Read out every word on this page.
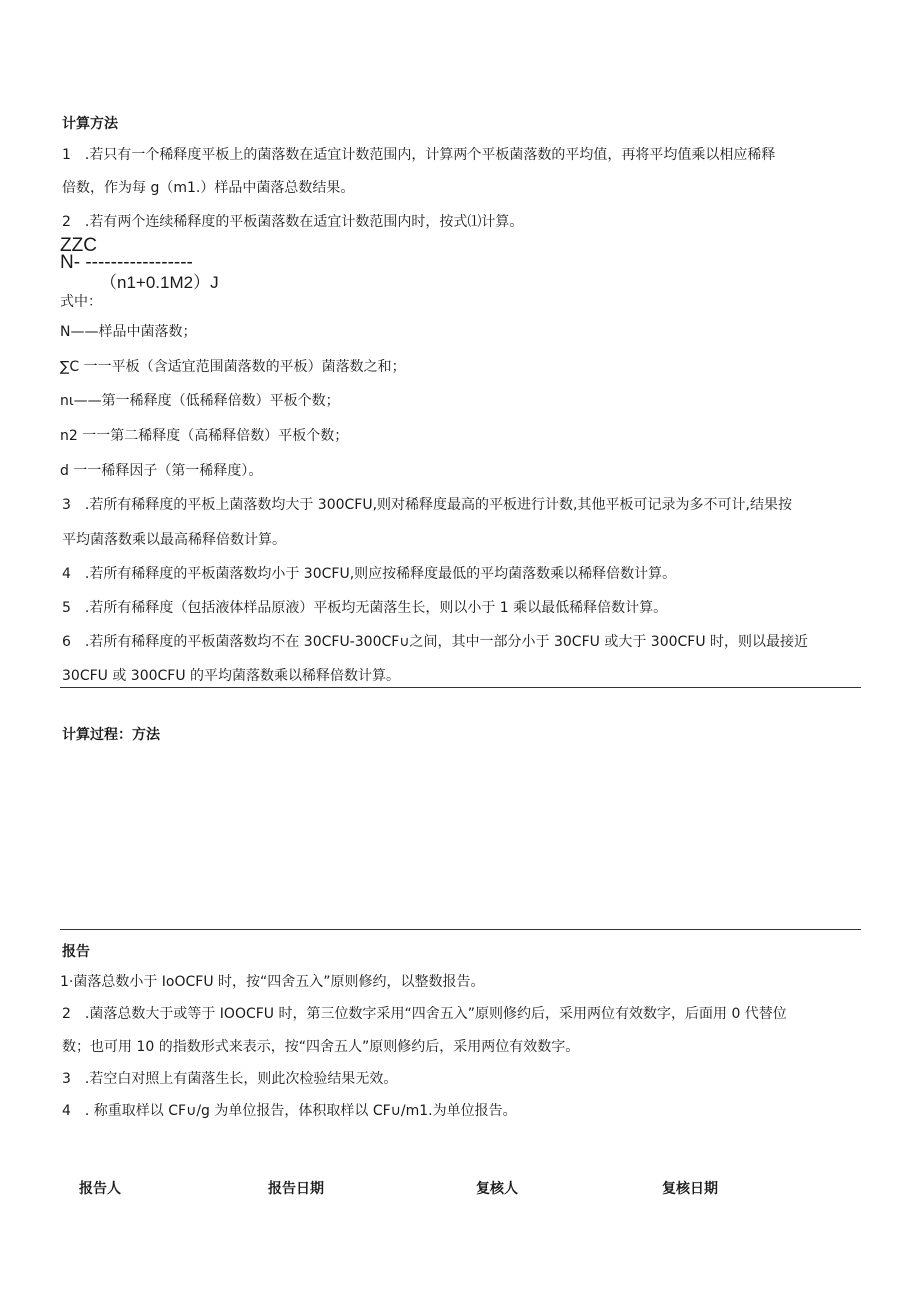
计算方法
1　.若只有一个稀释度平板上的菌落数在适宜计数范围内，计算两个平板菌落数的平均值，再将平均值乘以相应稀释
倍数，作为每 g（m1.）样品中菌落总数结果。
2　.若有两个连续稀释度的平板菌落数在适宜计数范围内时，按式⑴计算。
ZZC
N- -----------------
（n1+0.1M2）J
式中：
N——样品中菌落数；
∑C 一一平板（含适宜范围菌落数的平板）菌落数之和；
nι——第一稀释度（低稀释倍数）平板个数；
n2 一一第二稀释度（高稀释倍数）平板个数；
d 一一稀释因子（第一稀释度）。
3　.若所有稀释度的平板上菌落数均大于 300CFU,则对稀释度最高的平板进行计数,其他平板可记录为多不可计,结果按
平均菌落数乘以最高稀释倍数计算。
4　.若所有稀释度的平板菌落数均小于 30CFU,则应按稀释度最低的平均菌落数乘以稀释倍数计算。
5　.若所有稀释度（包括液体样品原液）平板均无菌落生长，则以小于 1 乘以最低稀释倍数计算。
6　.若所有稀释度的平板菌落数均不在 30CFU-300CF∪之间，其中一部分小于 30CFU 或大于 300CFU 时，则以最接近
30CFU 或 300CFU 的平均菌落数乘以稀释倍数计算。
计算过程：方法
报告
1·菌落总数小于 IoOCFU 时，按“四舍五入”原则修约，以整数报告。
2　.菌落总数大于或等于 IOOCFU 时，第三位数字采用“四舍五入”原则修约后，采用两位有效数字，后面用 0 代替位
数；也可用 10 的指数形式来表示，按“四舍五人”原则修约后，采用两位有效数字。
3　.若空白对照上有菌落生长，则此次检验结果无效。
4　. 称重取样以 CF∪/g 为单位报告，体积取样以 CF∪/m1.为单位报告。
报告人	报告日期	复核人	复核日期
